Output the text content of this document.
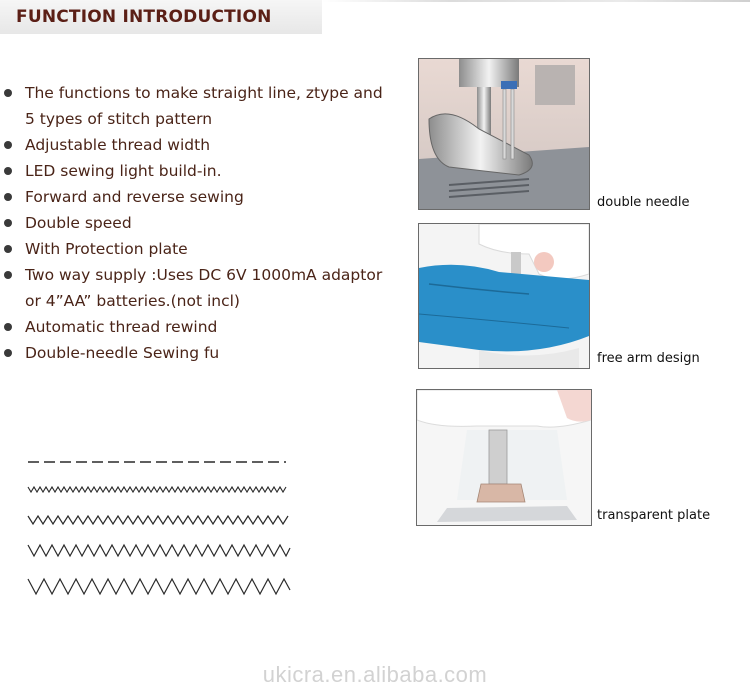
FUNCTION INTRODUCTION
The functions to make straight line, ztype and 5 types of stitch pattern
Adjustable thread width
LED sewing light build-in.
Forward and reverse sewing
Double speed
With Protection plate
Two way supply :Uses DC 6V 1000mA adaptor or 4”AA” batteries.(not incl)
Automatic thread rewind
Double-needle Sewing fu
double needle
free arm design
transparent plate
ukicra.en.alibaba.com
